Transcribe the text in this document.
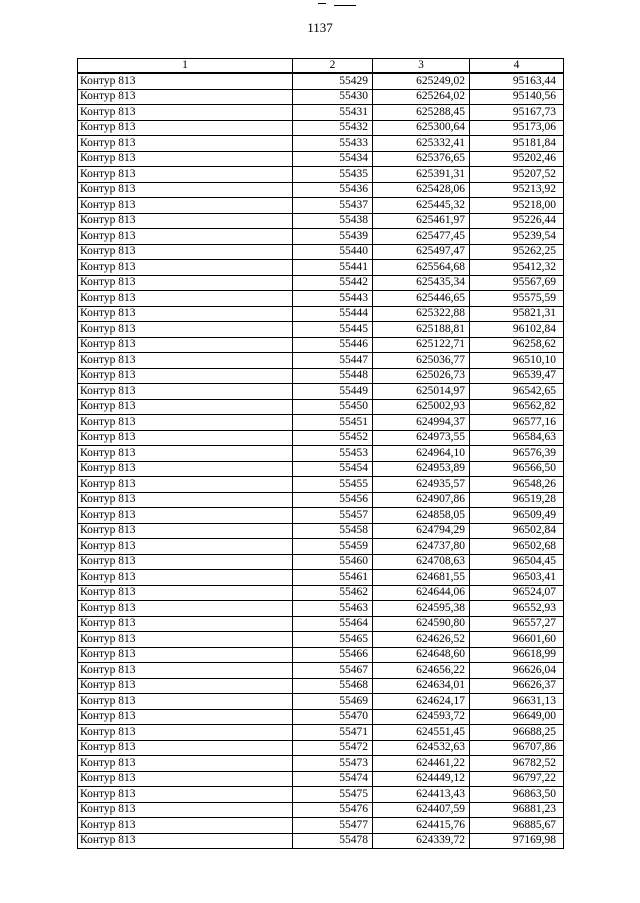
1137
1	2	3	4
Контур 813	55429	625249,02	95163,44
Контур 813	55430	625264,02	95140,56
Контур 813	55431	625288,45	95167,73
Контур 813	55432	625300,64	95173,06
Контур 813	55433	625332,41	95181,84
Контур 813	55434	625376,65	95202,46
Контур 813	55435	625391,31	95207,52
Контур 813	55436	625428,06	95213,92
Контур 813	55437	625445,32	95218,00
Контур 813	55438	625461,97	95226,44
Контур 813	55439	625477,45	95239,54
Контур 813	55440	625497,47	95262,25
Контур 813	55441	625564,68	95412,32
Контур 813	55442	625435,34	95567,69
Контур 813	55443	625446,65	95575,59
Контур 813	55444	625322,88	95821,31
Контур 813	55445	625188,81	96102,84
Контур 813	55446	625122,71	96258,62
Контур 813	55447	625036,77	96510,10
Контур 813	55448	625026,73	96539,47
Контур 813	55449	625014,97	96542,65
Контур 813	55450	625002,93	96562,82
Контур 813	55451	624994,37	96577,16
Контур 813	55452	624973,55	96584,63
Контур 813	55453	624964,10	96576,39
Контур 813	55454	624953,89	96566,50
Контур 813	55455	624935,57	96548,26
Контур 813	55456	624907,86	96519,28
Контур 813	55457	624858,05	96509,49
Контур 813	55458	624794,29	96502,84
Контур 813	55459	624737,80	96502,68
Контур 813	55460	624708,63	96504,45
Контур 813	55461	624681,55	96503,41
Контур 813	55462	624644,06	96524,07
Контур 813	55463	624595,38	96552,93
Контур 813	55464	624590,80	96557,27
Контур 813	55465	624626,52	96601,60
Контур 813	55466	624648,60	96618,99
Контур 813	55467	624656,22	96626,04
Контур 813	55468	624634,01	96626,37
Контур 813	55469	624624,17	96631,13
Контур 813	55470	624593,72	96649,00
Контур 813	55471	624551,45	96688,25
Контур 813	55472	624532,63	96707,86
Контур 813	55473	624461,22	96782,52
Контур 813	55474	624449,12	96797,22
Контур 813	55475	624413,43	96863,50
Контур 813	55476	624407,59	96881,23
Контур 813	55477	624415,76	96885,67
Контур 813	55478	624339,72	97169,98
